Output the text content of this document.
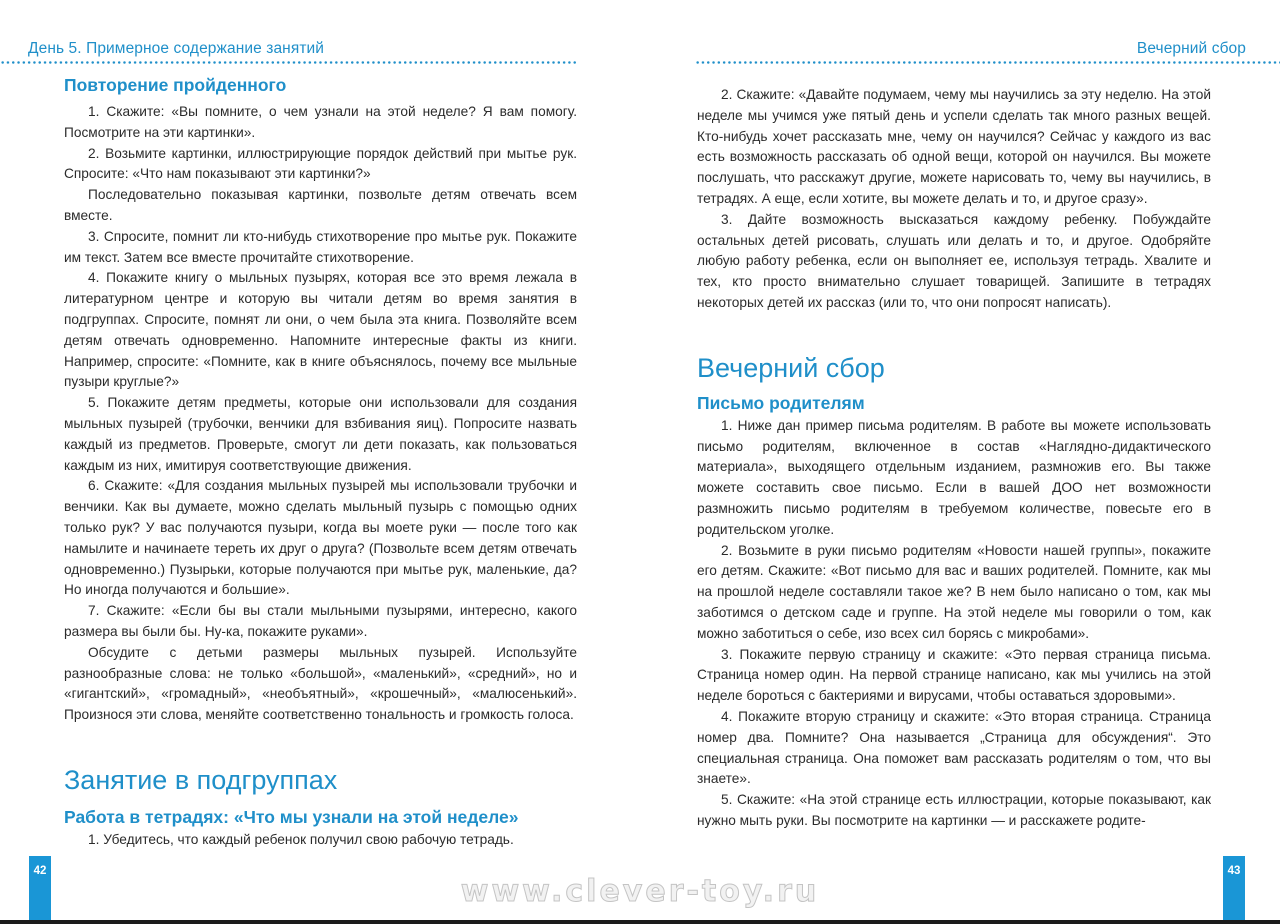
День 5. Примерное содержание занятий
Повторение пройденного

1. Скажите: «Вы помните, о чем узнали на этой неделе? Я вам помогу. Посмотрите на эти картинки».

2. Возьмите картинки, иллюстрирующие порядок действий при мытье рук. Спросите: «Что нам показывают эти картинки?»

Последовательно показывая картинки, позвольте детям отвечать всем вместе.

3. Спросите, помнит ли кто-нибудь стихотворение про мытье рук. Покажите им текст. Затем все вместе прочитайте стихотворение.

4. Покажите книгу о мыльных пузырях, которая все это время лежала в литературном центре и которую вы читали детям во время занятия в подгруппах. Спросите, помнят ли они, о чем была эта книга. Позволяйте всем детям отвечать одновременно. Напомните интересные факты из книги. Например, спросите: «Помните, как в книге объяснялось, почему все мыльные пузыри круглые?»

5. Покажите детям предметы, которые они использовали для создания мыльных пузырей (трубочки, венчики для взбивания яиц). Попросите назвать каждый из предметов. Проверьте, смогут ли дети показать, как пользоваться каждым из них, имитируя соответствующие движения.

6. Скажите: «Для создания мыльных пузырей мы использовали трубочки и венчики. Как вы думаете, можно сделать мыльный пузырь с помощью одних только рук? У вас получаются пузыри, когда вы моете руки — после того как намылите и начинаете тереть их друг о друга? (Позвольте всем детям отвечать одновременно.) Пузырьки, которые получаются при мытье рук, маленькие, да? Но иногда получаются и большие».

7. Скажите: «Если бы вы стали мыльными пузырями, интересно, какого размера вы были бы. Ну-ка, покажите руками».

Обсудите с детьми размеры мыльных пузырей. Используйте разнообразные слова: не только «большой», «маленький», «средний», но и «гигантский», «громадный», «необъятный», «крошечный», «малюсенький». Произнося эти слова, меняйте соответственно тональность и громкость голоса.

Занятие в подгруппах
Работа в тетрадях: «Что мы узнали на этой неделе»

1. Убедитесь, что каждый ребенок получил свою рабочую тетрадь.

42
Вечерний сбор

2. Скажите: «Давайте подумаем, чему мы научились за эту неделю. На этой неделе мы учимся уже пятый день и успели сделать так много разных вещей. Кто-нибудь хочет рассказать мне, чему он научился? Сейчас у каждого из вас есть возможность рассказать об одной вещи, которой он научился. Вы можете послушать, что расскажут другие, можете нарисовать то, чему вы научились, в тетрадях. А еще, если хотите, вы можете делать и то, и другое сразу».

3. Дайте возможность высказаться каждому ребенку. Побуждайте остальных детей рисовать, слушать или делать и то, и другое. Одобряйте любую работу ребенка, если он выполняет ее, используя тетрадь. Хвалите и тех, кто просто внимательно слушает товарищей. Запишите в тетрадях некоторых детей их рассказ (или то, что они попросят написать).

Вечерний сбор
Письмо родителям

1. Ниже дан пример письма родителям. В работе вы можете использовать письмо родителям, включенное в состав «Наглядно-дидактического материала», выходящего отдельным изданием, размножив его. Вы также можете составить свое письмо. Если в вашей ДОО нет возможности размножить письмо родителям в требуемом количестве, повесьте его в родительском уголке.

2. Возьмите в руки письмо родителям «Новости нашей группы», покажите его детям. Скажите: «Вот письмо для вас и ваших родителей. Помните, как мы на прошлой неделе составляли такое же? В нем было написано о том, как мы заботимся о детском саде и группе. На этой неделе мы говорили о том, как можно заботиться о себе, изо всех сил борясь с микробами».

3. Покажите первую страницу и скажите: «Это первая страница письма. Страница номер один. На первой странице написано, как мы учились на этой неделе бороться с бактериями и вирусами, чтобы оставаться здоровыми».

4. Покажите вторую страницу и скажите: «Это вторая страница. Страница номер два. Помните? Она называется „Страница для обсуждения“. Это специальная страница. Она поможет вам рассказать родителям о том, что вы знаете».

5. Скажите: «На этой странице есть иллюстрации, которые показывают, как нужно мыть руки. Вы посмотрите на картинки — и расскажете родите-

43
www.clever-toy.ru
